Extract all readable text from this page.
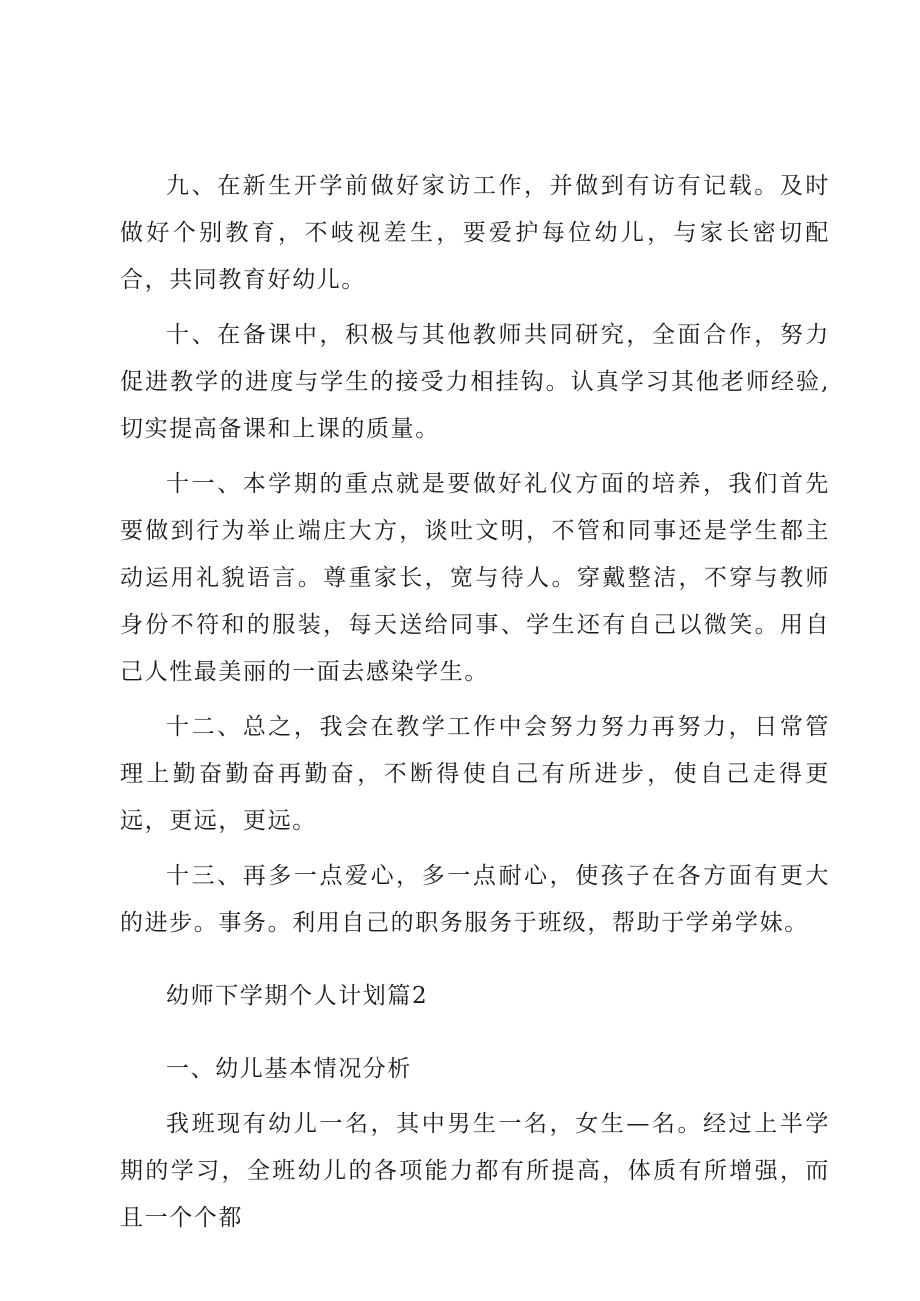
九、在新生开学前做好家访工作，并做到有访有记载。及时做好个别教育，不岐视差生，要爱护每位幼儿，与家长密切配合，共同教育好幼儿。

十、在备课中，积极与其他教师共同研究，全面合作，努力促进教学的进度与学生的接受力相挂钩。认真学习其他老师经验,切实提高备课和上课的质量。

十一、本学期的重点就是要做好礼仪方面的培养，我们首先要做到行为举止端庄大方，谈吐文明，不管和同事还是学生都主动运用礼貌语言。尊重家长，宽与待人。穿戴整洁，不穿与教师身份不符和的服装，每天送给同事、学生还有自己以微笑。用自己人性最美丽的一面去感染学生。

十二、总之，我会在教学工作中会努力努力再努力，日常管理上勤奋勤奋再勤奋，不断得使自己有所进步，使自己走得更远，更远，更远。

十三、再多一点爱心，多一点耐心，使孩子在各方面有更大的进步。事务。利用自己的职务服务于班级，帮助于学弟学妹。

幼师下学期个人计划篇2

一、幼儿基本情况分析

我班现有幼儿一名，其中男生一名，女生—名。经过上半学期的学习，全班幼儿的各项能力都有所提高，体质有所增强，而且一个个都
